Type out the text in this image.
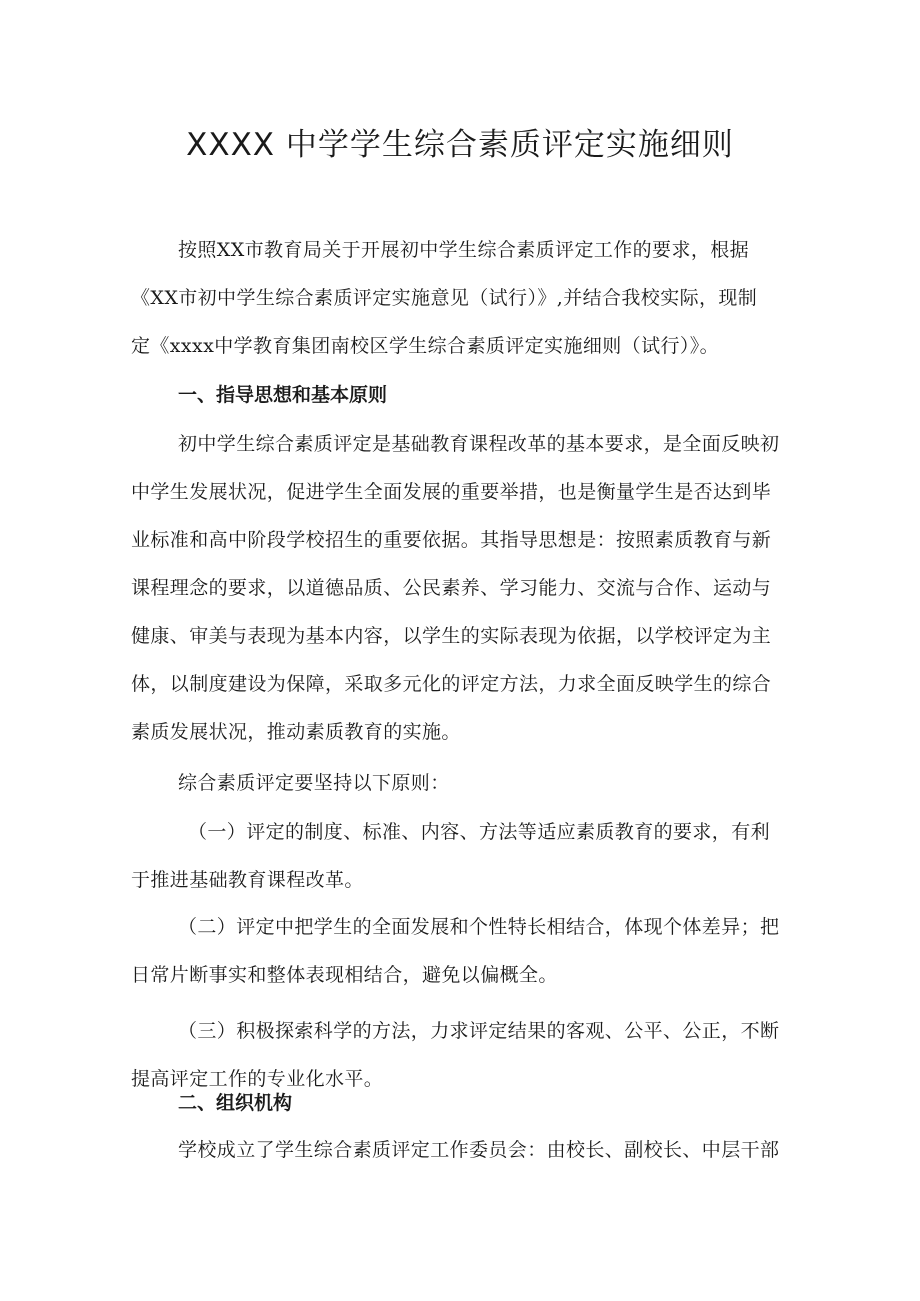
XXXX 中学学生综合素质评定实施细则
按照XX市教育局关于开展初中学生综合素质评定工作的要求，根据
《XX市初中学生综合素质评定实施意见（试行）》,并结合我校实际，现制
定《xxxx中学教育集团南校区学生综合素质评定实施细则（试行）》。
一、指导思想和基本原则
初中学生综合素质评定是基础教育课程改革的基本要求，是全面反映初
中学生发展状况，促进学生全面发展的重要举措，也是衡量学生是否达到毕
业标准和高中阶段学校招生的重要依据。其指导思想是：按照素质教育与新
课程理念的要求，以道德品质、公民素养、学习能力、交流与合作、运动与
健康、审美与表现为基本内容，以学生的实际表现为依据，以学校评定为主
体，以制度建设为保障，采取多元化的评定方法，力求全面反映学生的综合
素质发展状况，推动素质教育的实施。
综合素质评定要坚持以下原则：
（一）评定的制度、标准、内容、方法等适应素质教育的要求，有利
于推进基础教育课程改革。
（二）评定中把学生的全面发展和个性特长相结合，体现个体差异；把
日常片断事实和整体表现相结合，避免以偏概全。
（三）积极探索科学的方法，力求评定结果的客观、公平、公正，不断
提高评定工作的专业化水平。
二、组织机构
学校成立了学生综合素质评定工作委员会：由校长、副校长、中层干部
